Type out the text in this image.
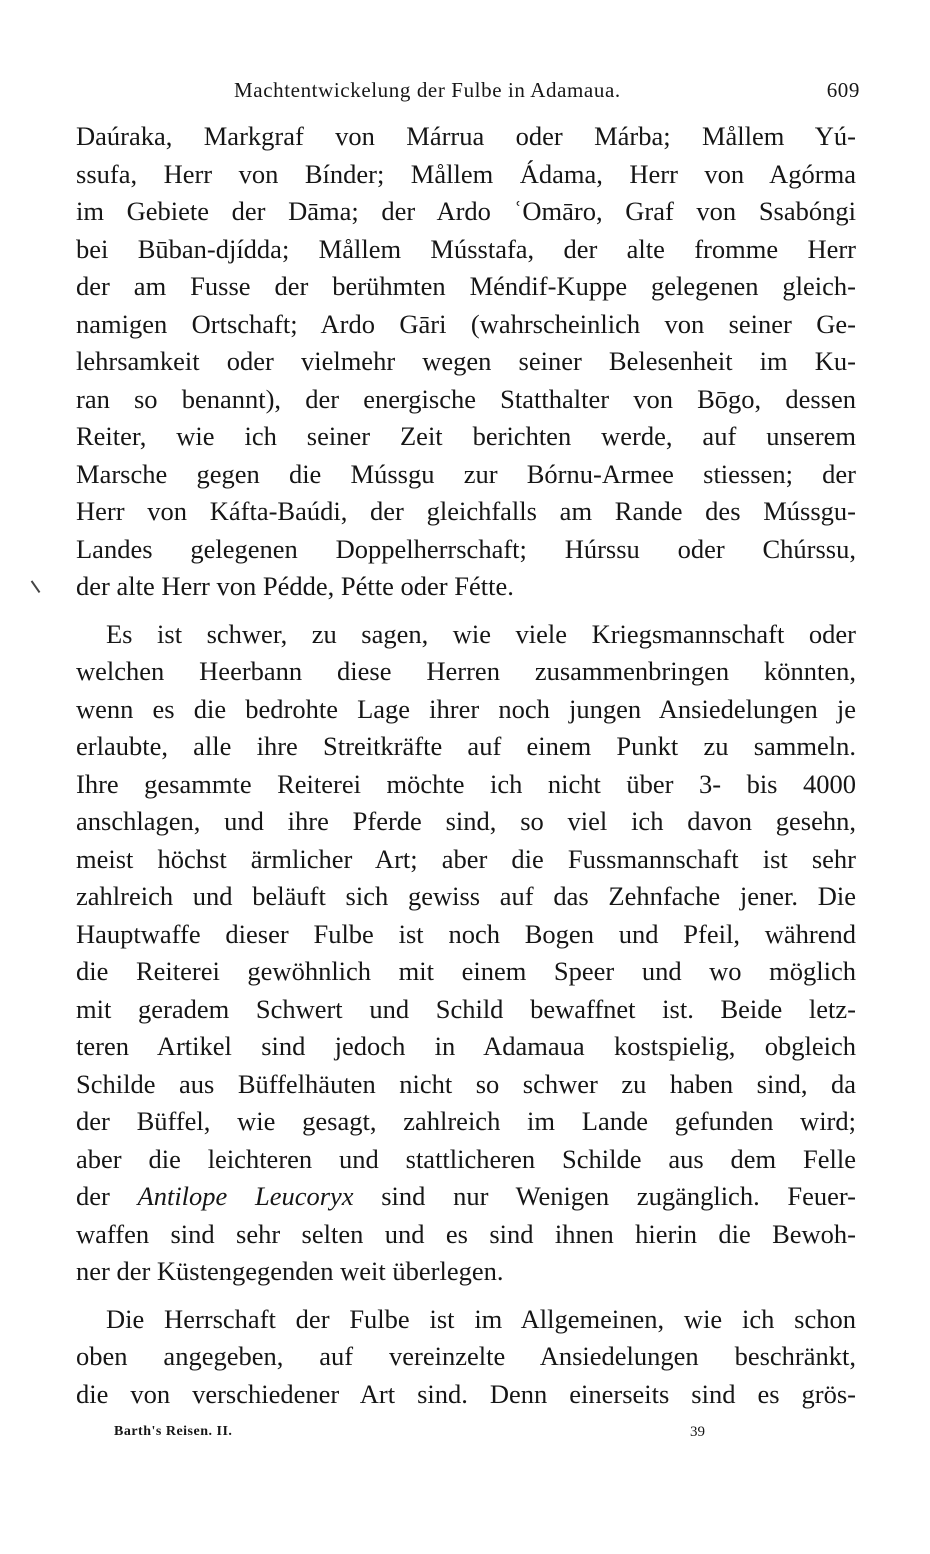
Machtentwickelung der Fulbe in Adamaua.	609

Daúraka, Markgraf von Márrua oder Márba; Mållem Yú-
ssufa, Herr von Bínder; Mållem Ádama, Herr von Agórma
im Gebiete der Dāma; der Ardo ʿOmāro, Graf von Ssabóngi
bei Būban-djídda; Mållem Músstafa, der alte fromme Herr
der am Fusse der berühmten Méndif-Kuppe gelegenen gleich-
namigen Ortschaft; Ardo Gāri (wahrscheinlich von seiner Ge-
lehrsamkeit oder vielmehr wegen seiner Belesenheit im Ku-
ran so benannt), der energische Statthalter von Bōgo, dessen
Reiter, wie ich seiner Zeit berichten werde, auf unserem
Marsche gegen die Mússgu zur Bórnu-Armee stiessen; der
Herr von Káfta-Baúdi, der gleichfalls am Rande des Mússgu-
Landes gelegenen Doppelherrschaft; Húrssu oder Chúrssu,
der alte Herr von Pédde, Pétte oder Fétte.

Es ist schwer, zu sagen, wie viele Kriegsmannschaft oder
welchen Heerbann diese Herren zusammenbringen könnten,
wenn es die bedrohte Lage ihrer noch jungen Ansiedelungen je
erlaubte, alle ihre Streitkräfte auf einem Punkt zu sammeln.
Ihre gesammte Reiterei möchte ich nicht über 3- bis 4000
anschlagen, und ihre Pferde sind, so viel ich davon gesehn,
meist höchst ärmlicher Art; aber die Fussmannschaft ist sehr
zahlreich und beläuft sich gewiss auf das Zehnfache jener. Die
Hauptwaffe dieser Fulbe ist noch Bogen und Pfeil, während
die Reiterei gewöhnlich mit einem Speer und wo möglich
mit geradem Schwert und Schild bewaffnet ist. Beide letz-
teren Artikel sind jedoch in Adamaua kostspielig, obgleich
Schilde aus Büffelhäuten nicht so schwer zu haben sind, da
der Büffel, wie gesagt, zahlreich im Lande gefunden wird;
aber die leichteren und stattlicheren Schilde aus dem Felle
der Antilope Leucoryx sind nur Wenigen zugänglich. Feuer-
waffen sind sehr selten und es sind ihnen hierin die Bewoh-
ner der Küstengegenden weit überlegen.

Die Herrschaft der Fulbe ist im Allgemeinen, wie ich schon
oben angegeben, auf vereinzelte Ansiedelungen beschränkt,
die von verschiedener Art sind. Denn einerseits sind es grös-

Barth's Reisen. II.	39
